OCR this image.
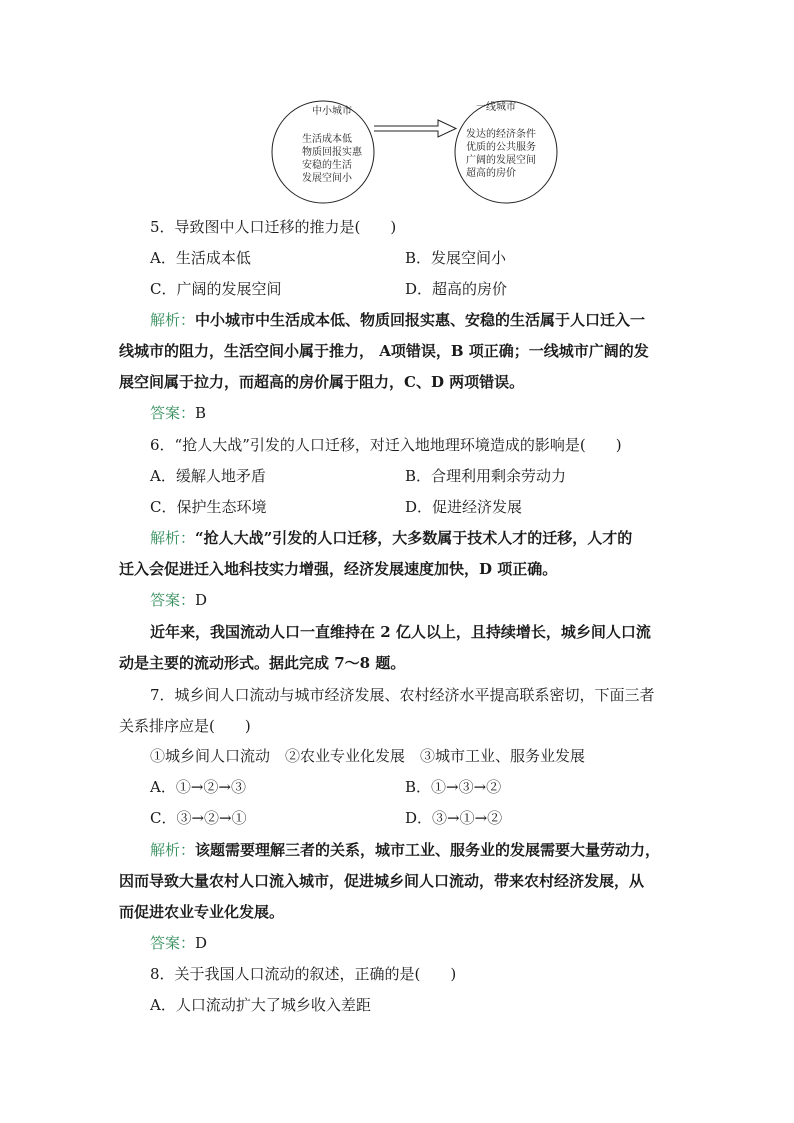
中小城市
生活成本低
物质回报实惠
安稳的生活
发展空间小
一线城市
发达的经济条件
优质的公共服务
广阔的发展空间
超高的房价
5．导致图中人口迁移的推力是(　　)
A．生活成本低	B．发展空间小
C．广阔的发展空间	D．超高的房价
解析：中小城市中生活成本低、物质回报实惠、安稳的生活属于人口迁入一
线城市的阻力，生活空间小属于推力， A项错误，B 项正确；一线城市广阔的发
展空间属于拉力，而超高的房价属于阻力，C、D 两项错误。
答案：B
6．“抢人大战”引发的人口迁移，对迁入地地理环境造成的影响是(　　)
A．缓解人地矛盾	B．合理利用剩余劳动力
C．保护生态环境	D．促进经济发展
解析：“抢人大战”引发的人口迁移，大多数属于技术人才的迁移，人才的
迁入会促进迁入地科技实力增强，经济发展速度加快，D 项正确。
答案：D
近年来，我国流动人口一直维持在 2 亿人以上，且持续增长，城乡间人口流
动是主要的流动形式。据此完成 7～8 题。
7．城乡间人口流动与城市经济发展、农村经济水平提高联系密切，下面三者
关系排序应是(　　)
①城乡间人口流动　②农业专业化发展　③城市工业、服务业发展
A．①→②→③	B．①→③→②
C．③→②→①	D．③→①→②
解析：该题需要理解三者的关系，城市工业、服务业的发展需要大量劳动力，
因而导致大量农村人口流入城市，促进城乡间人口流动，带来农村经济发展，从
而促进农业专业化发展。
答案：D
8．关于我国人口流动的叙述，正确的是(　　)
A．人口流动扩大了城乡收入差距
